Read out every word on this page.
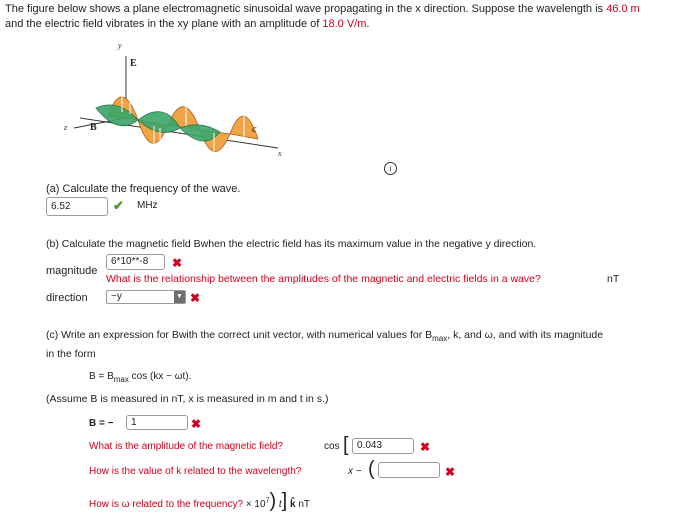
The figure below shows a plane electromagnetic sinusoidal wave propagating in the x direction. Suppose the wavelength is 46.0 m
and the electric field vibrates in the xy plane with an amplitude of 18.0 V/m.
y
E
z B	c
x
i
(a) Calculate the frequency of the wave.
6.52	✔ MHz
(b) Calculate the magnetic field Bwhen the electric field has its maximum value in the negative y direction.
magnitude
6*10**-8	✖
What is the relationship between the amplitudes of the magnetic and electric fields in a wave?	nT
direction	−y	▼ ✖
(c) Write an expression for Bwith the correct unit vector, with numerical values for $B_{max}$, k, and ω, and with its magnitude
in the form
$B = B_{max}$ cos (kx − ωt).
(Assume B is measured in nT, x is measured in m and t in s.)
B = −	1	✖
What is the amplitude of the magnetic field?	cos [ 0.043	✖
How is the value of k related to the wavelength?	x − (	✖
How is ω related to the frequency? × $10^7$) t] k̂ nT
